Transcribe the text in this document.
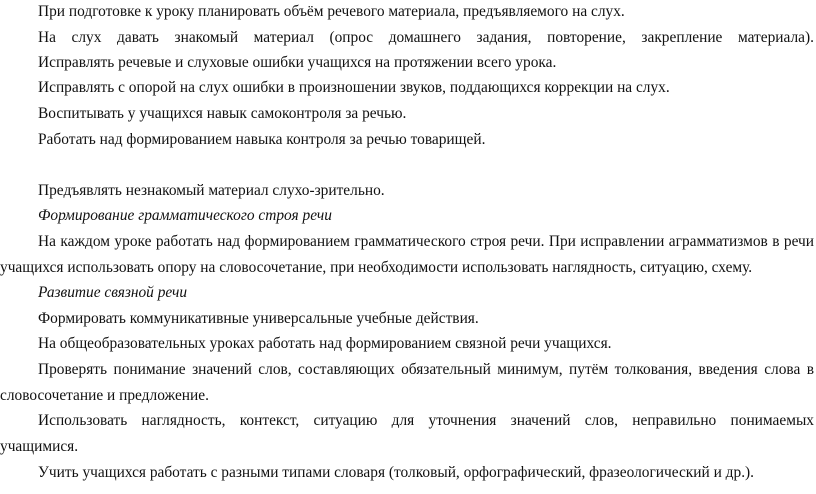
При подготовке к уроку планировать объём речевого материала, предъявляемого на слух.
На слух давать знакомый материал (опрос домашнего задания, повторение, закрепление материала).
Исправлять речевые и слуховые ошибки учащихся на протяжении всего урока.
Исправлять с опорой на слух ошибки в произношении звуков, поддающихся коррекции на слух.
Воспитывать у учащихся навык самоконтроля за речью.
Работать над формированием навыка контроля за речью товарищей.
Предъявлять незнакомый материал слухо-зрительно.
Формирование грамматического строя речи
На каждом уроке работать над формированием грамматического строя речи. При исправлении аграмматизмов в речи
учащихся использовать опору на словосочетание, при необходимости использовать наглядность, ситуацию, схему.
Развитие связной речи
Формировать коммуникативные универсальные учебные действия.
На общеобразовательных уроках работать над формированием связной речи учащихся.
Проверять понимание значений слов, составляющих обязательный минимум, путём толкования, введения слова в
словосочетание и предложение.
Использовать наглядность, контекст, ситуацию для уточнения значений слов, неправильно понимаемых
учащимися.
Учить учащихся работать с разными типами словаря (толковый, орфографический, фразеологический и др.).
